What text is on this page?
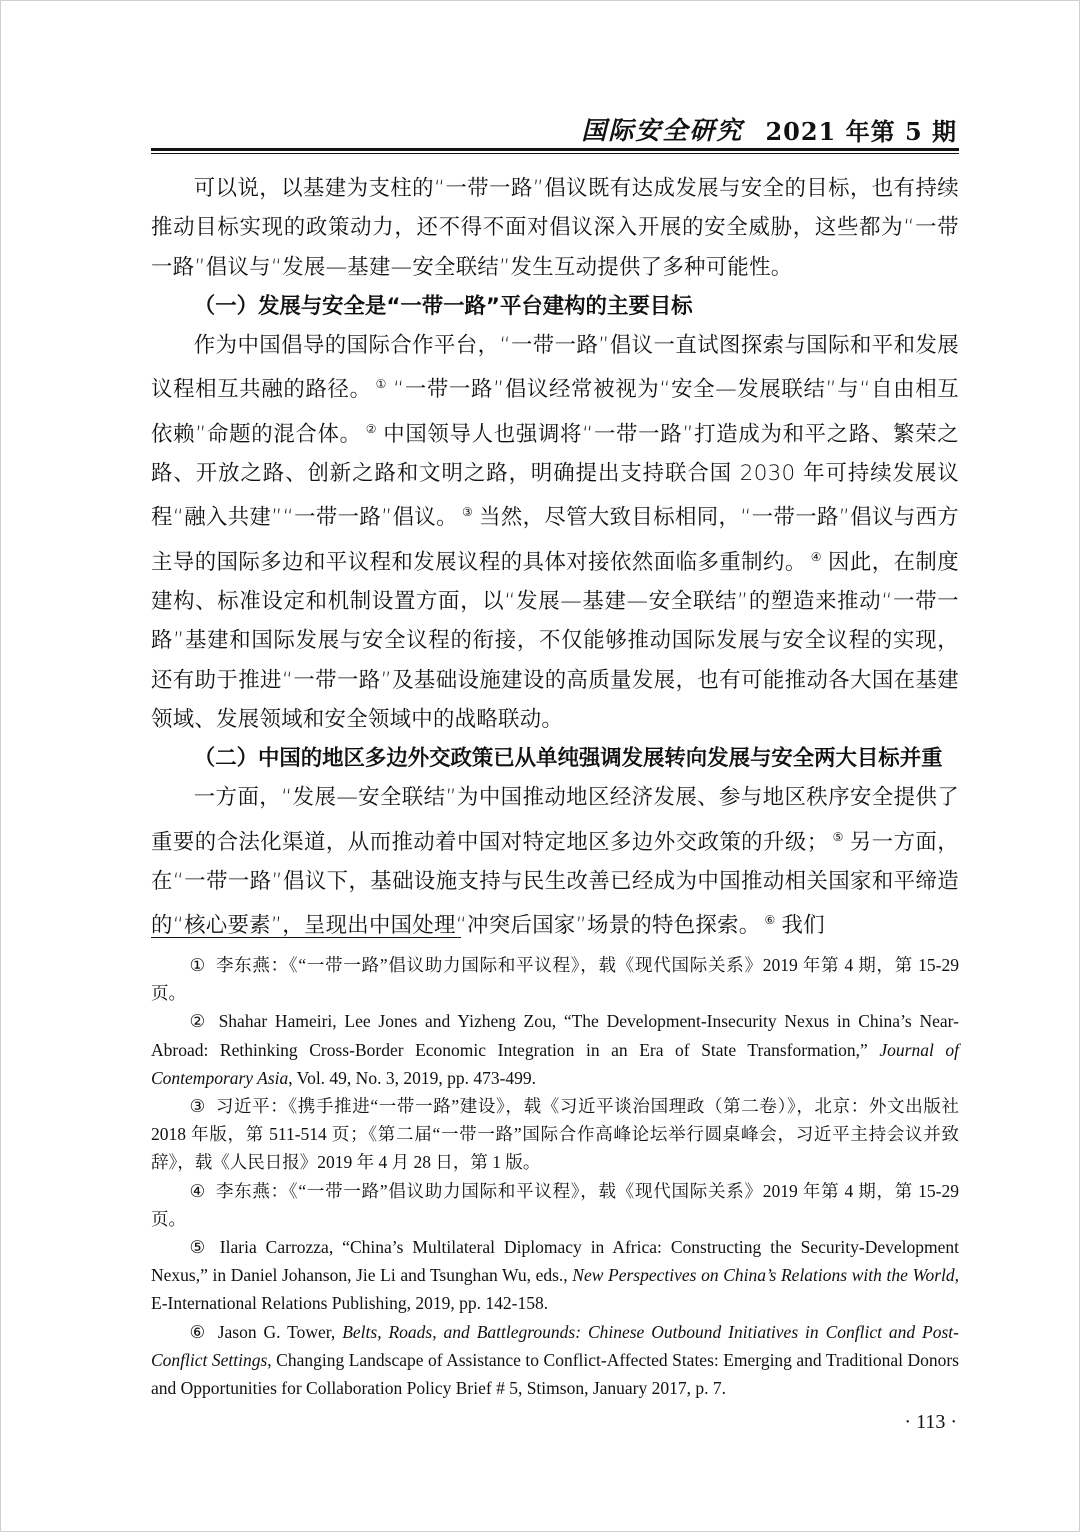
国际安全研究 2021 年第 5 期

可以说，以基建为支柱的“一带一路”倡议既有达成发展与安全的目标，也有持续推动目标实现的政策动力，还不得不面对倡议深入开展的安全威胁，这些都为“一带一路”倡议与“发展—基建—安全联结”发生互动提供了多种可能性。

（一）发展与安全是“一带一路”平台建构的主要目标

作为中国倡导的国际合作平台，“一带一路”倡议一直试图探索与国际和平和发展议程相互共融的路径。 ① “一带一路”倡议经常被视为“安全—发展联结”与“自由相互依赖”命题的混合体。 ② 中国领导人也强调将“一带一路”打造成为和平之路、繁荣之路、开放之路、创新之路和文明之路，明确提出支持联合国 2030 年可持续发展议程“融入共建”“一带一路”倡议。 ③ 当然，尽管大致目标相同，“一带一路”倡议与西方主导的国际多边和平议程和发展议程的具体对接依然面临多重制约。 ④ 因此，在制度建构、标准设定和机制设置方面，以“发展—基建—安全联结”的塑造来推动“一带一路”基建和国际发展与安全议程的衔接，不仅能够推动国际发展与安全议程的实现，还有助于推进“一带一路”及基础设施建设的高质量发展，也有可能推动各大国在基建领域、发展领域和安全领域中的战略联动。

（二）中国的地区多边外交政策已从单纯强调发展转向发展与安全两大目标并重

一方面，“发展—安全联结”为中国推动地区经济发展、参与地区秩序安全提供了重要的合法化渠道，从而推动着中国对特定地区多边外交政策的升级； ⑤ 另一方面，在“一带一路”倡议下，基础设施支持与民生改善已经成为中国推动相关国家和平缔造的“核心要素”，呈现出中国处理“冲突后国家”场景的特色探索。 ⑥ 我们

① 李东燕：《“一带一路”倡议助力国际和平议程》，载《现代国际关系》2019 年第 4 期，第 15-29 页。

② Shahar Hameiri, Lee Jones and Yizheng Zou, “The Development-Insecurity Nexus in China’s Near-Abroad: Rethinking Cross-Border Economic Integration in an Era of State Transformation,” Journal of Contemporary Asia, Vol. 49, No. 3, 2019, pp. 473-499.

③ 习近平：《携手推进“一带一路”建设》，载《习近平谈治国理政（第二卷）》，北京：外文出版社 2018 年版，第 511-514 页；《第二届“一带一路”国际合作高峰论坛举行圆桌峰会，习近平主持会议并致辞》，载《人民日报》2019 年 4 月 28 日，第 1 版。

④ 李东燕：《“一带一路”倡议助力国际和平议程》，载《现代国际关系》2019 年第 4 期，第 15-29 页。

⑤ Ilaria Carrozza, “China’s Multilateral Diplomacy in Africa: Constructing the Security-Development Nexus,” in Daniel Johanson, Jie Li and Tsunghan Wu, eds., New Perspectives on China’s Relations with the World, E-International Relations Publishing, 2019, pp. 142-158.

⑥ Jason G. Tower, Belts, Roads, and Battlegrounds: Chinese Outbound Initiatives in Conflict and Post-Conflict Settings, Changing Landscape of Assistance to Conflict-Affected States: Emerging and Traditional Donors and Opportunities for Collaboration Policy Brief # 5, Stimson, January 2017, p. 7.

· 113 ·
